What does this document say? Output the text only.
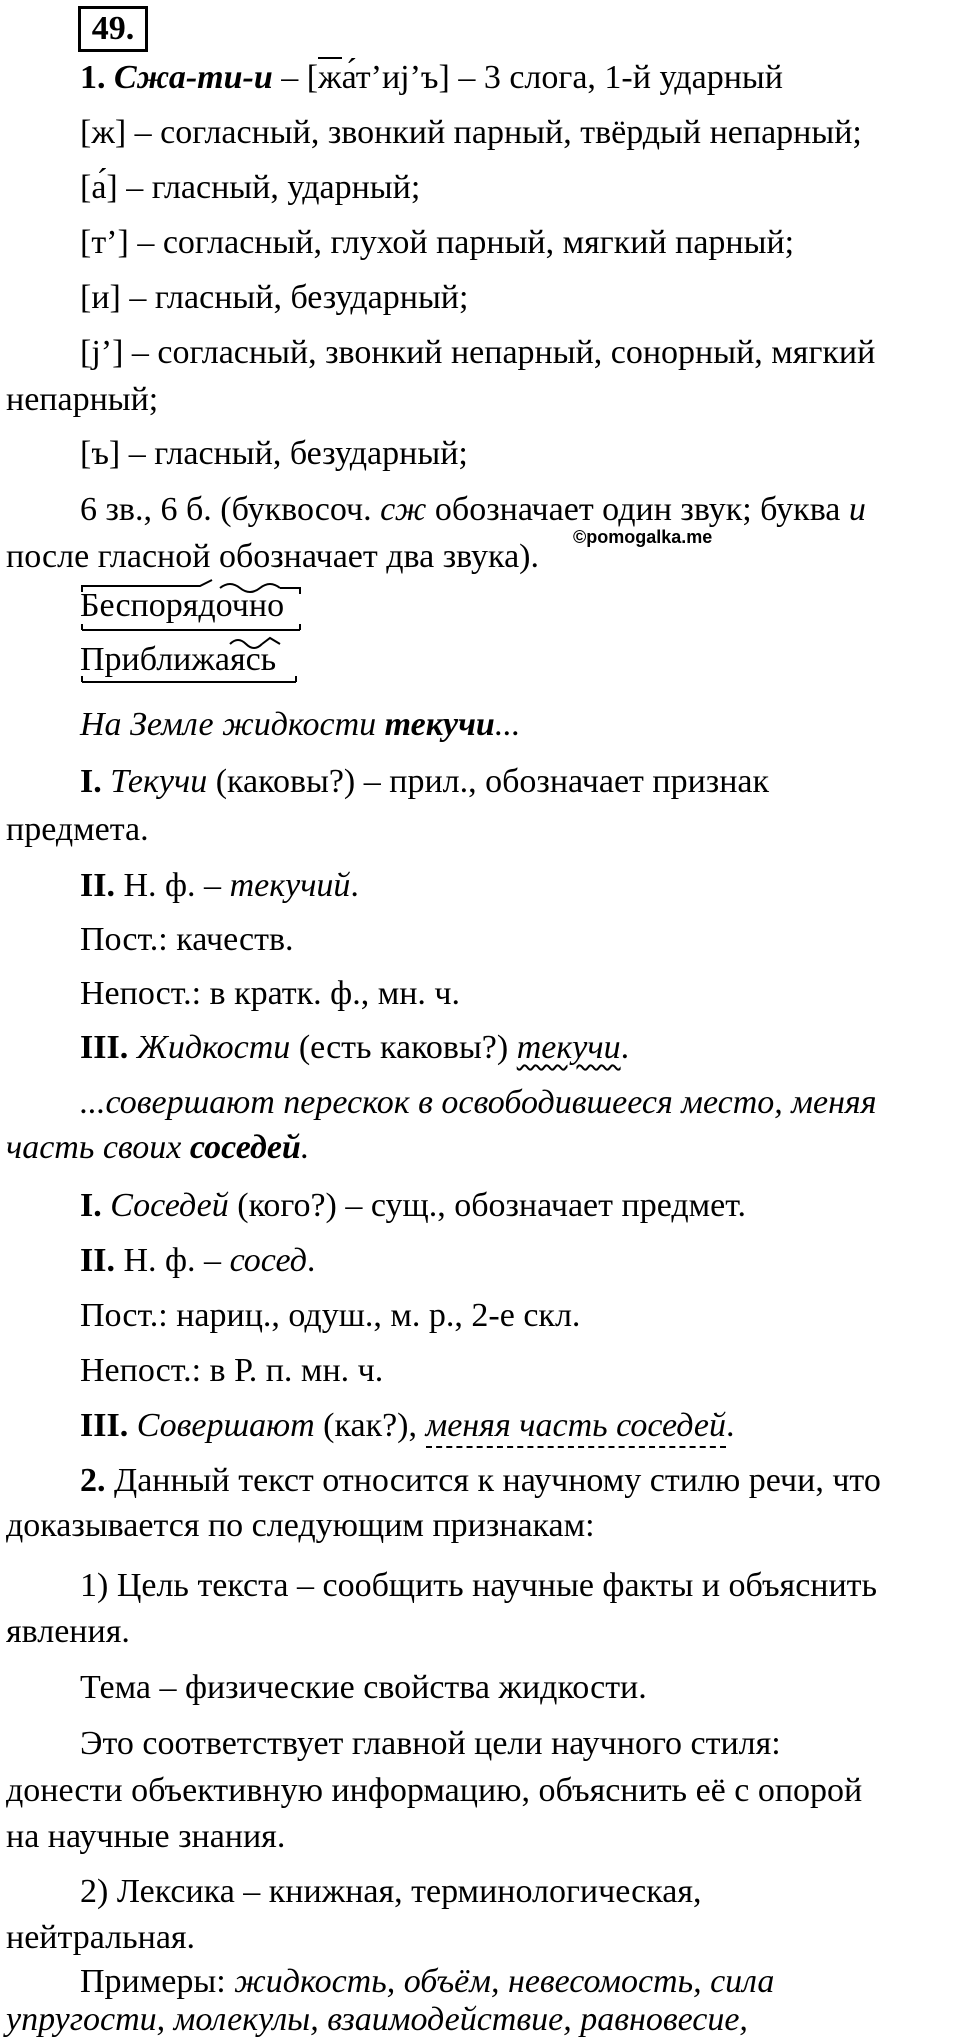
49.
1. Сжа-ти-и – [жа́т’иj’ъ] – 3 слога, 1-й ударный
[ж] – согласный, звонкий парный, твёрдый непарный;
[а́] – гласный, ударный;
[т’] – согласный, глухой парный, мягкий парный;
[и] – гласный, безударный;
[j’] – согласный, звонкий непарный, сонорный, мягкий
непарный;
[ъ] – гласный, безударный;
6 зв., 6 б. (буквосоч. сж обозначает один звук; буква и
©pomogalka.me
после гласной обозначает два звука).
Беспорядочно
Приближаясь
На Земле жидкости текучи...
I. Текучи (каковы?) – прил., обозначает признак
предмета.
II. Н. ф. – текучий.
Пост.: качеств.
Непост.: в кратк. ф., мн. ч.
III. Жидкости (есть каковы?) текучи.
...совершают перескок в освободившееся место, меняя
часть своих соседей.
I. Соседей (кого?) – сущ., обозначает предмет.
II. Н. ф. – сосед.
Пост.: нариц., одуш., м. р., 2-е скл.
Непост.: в Р. п. мн. ч.
III. Совершают (как?), меняя часть соседей.
2. Данный текст относится к научному стилю речи, что
доказывается по следующим признакам:
1) Цель текста – сообщить научные факты и объяснить
явления.
Тема – физические свойства жидкости.
Это соответствует главной цели научного стиля:
донести объективную информацию, объяснить её с опорой
на научные знания.
2) Лексика – книжная, терминологическая,
нейтральная.
Примеры: жидкость, объём, невесомость, сила
упругости, молекулы, взаимодействие, равновесие,
